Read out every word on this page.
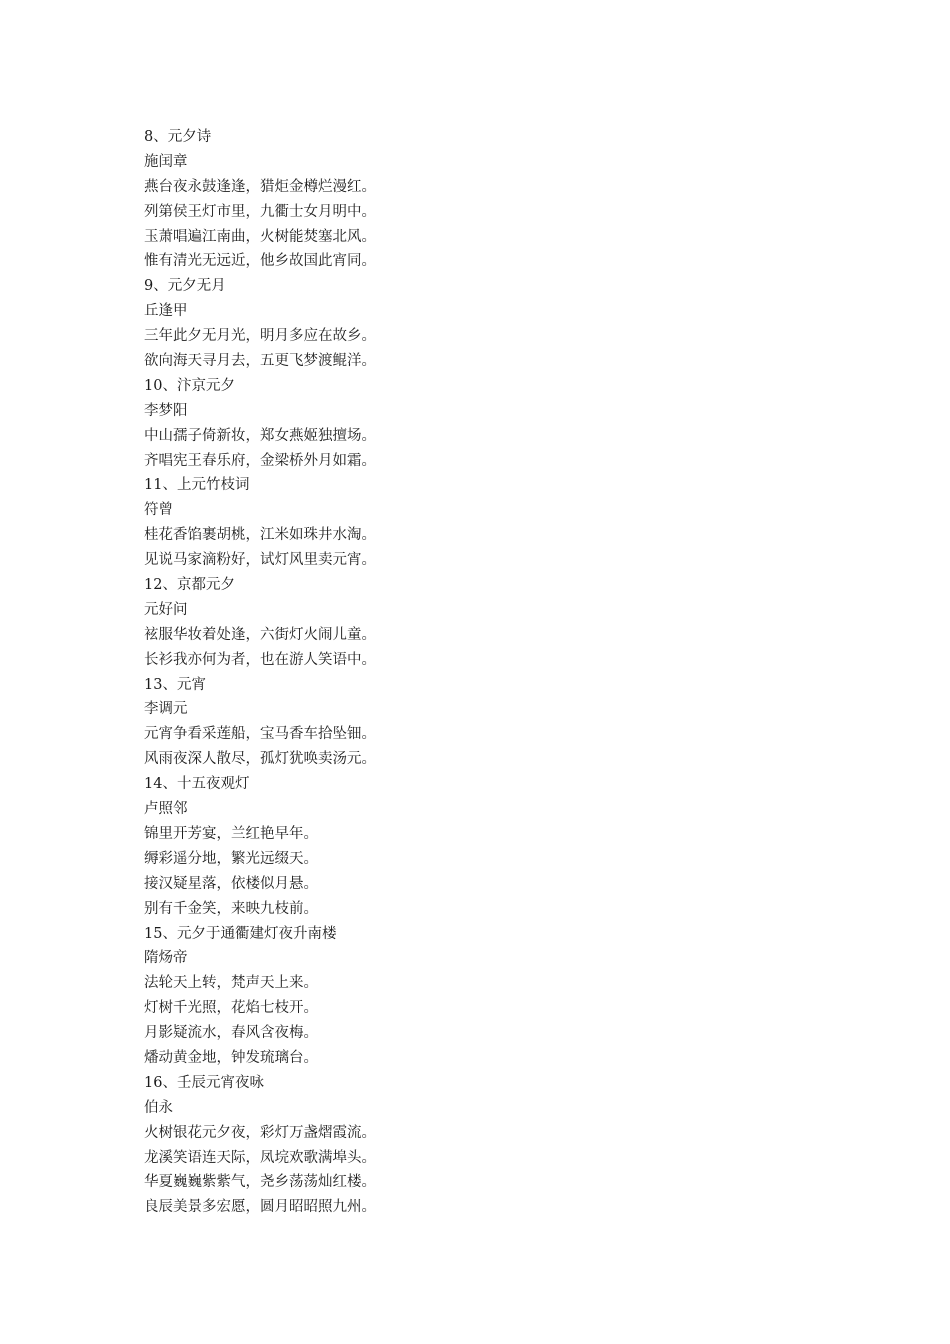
8、元夕诗
施闰章
燕台夜永鼓逢逢，猎炬金樽烂漫红。
列第侯王灯市里，九衢士女月明中。
玉萧唱遍江南曲，火树能焚塞北风。
惟有清光无远近，他乡故国此宵同。
9、元夕无月
丘逢甲
三年此夕无月光，明月多应在故乡。
欲向海天寻月去，五更飞梦渡鲲洋。
10、汴京元夕
李梦阳
中山孺子倚新妆，郑女燕姬独擅场。
齐唱宪王春乐府，金梁桥外月如霜。
11、上元竹枝词
符曾
桂花香馅裹胡桃，江米如珠井水淘。
见说马家滴粉好，试灯风里卖元宵。
12、京都元夕
元好问
袨服华妆着处逢，六街灯火闹儿童。
长衫我亦何为者，也在游人笑语中。
13、元宵
李调元
元宵争看采莲船，宝马香车拾坠钿。
风雨夜深人散尽，孤灯犹唤卖汤元。
14、十五夜观灯
卢照邻
锦里开芳宴，兰红艳早年。
缛彩遥分地，繁光远缀天。
接汉疑星落，依楼似月悬。
别有千金笑，来映九枝前。
15、元夕于通衢建灯夜升南楼
隋炀帝
法轮天上转，梵声天上来。
灯树千光照，花焰七枝开。
月影疑流水，春风含夜梅。
燔动黄金地，钟发琉璃台。
16、壬辰元宵夜咏
伯永
火树银花元夕夜，彩灯万盏熠霞流。
龙溪笑语连天际，凤垸欢歌满埠头。
华夏巍巍紫紫气，尧乡荡荡灿红楼。
良辰美景多宏愿，圆月昭昭照九州。
